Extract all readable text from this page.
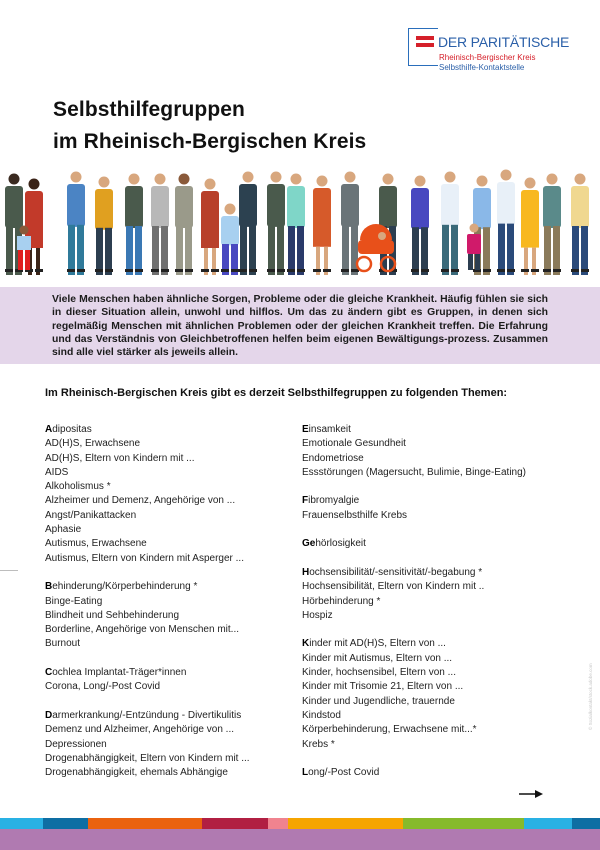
DER PARITÄTISCHE
Rheinisch-Bergischer Kreis
Selbsthilfe-Kontaktstelle
Selbsthilfegruppen
im Rheinisch-Bergischen Kreis

Viele Menschen haben ähnliche Sorgen, Probleme oder die gleiche Krankheit. Häufig fühlen sie sich in dieser Situation allein, unwohl und hilflos. Um das zu ändern gibt es Gruppen, in denen sich regelmäßig Menschen mit ähnlichen Problemen oder der gleichen Krankheit treffen. Die Erfahrung und das Verständnis von Gleichbetroffenen helfen beim eigenen Bewältigungs-prozess. Zusammen sind alle viel stärker als jeweils allein.

Im Rheinisch-Bergischen Kreis gibt es derzeit Selbsthilfegruppen zu folgenden Themen:
Adipositas
AD(H)S, Erwachsene
AD(H)S, Eltern von Kindern mit ...
AIDS
Alkoholismus *
Alzheimer und Demenz, Angehörige von ...
Angst/Panikattacken
Aphasie
Autismus, Erwachsene
Autismus, Eltern von Kindern mit Asperger ...
Behinderung/Körperbehinderung *
Binge-Eating
Blindheit und Sehbehinderung
Borderline, Angehörige von Menschen mit...
Burnout
Cochlea Implantat-Träger*innen
Corona, Long/-Post Covid
Darmerkrankung/-Entzündung - Divertikulitis
Demenz und Alzheimer, Angehörige von ...
Depressionen
Drogenabhängigkeit, Eltern von Kindern mit ...
Drogenabhängigkeit, ehemals Abhängige
Einsamkeit
Emotionale Gesundheit
Endometriose
Essstörungen (Magersucht, Bulimie, Binge-Eating)
Fibromyalgie
Frauenselbsthilfe Krebs
Gehörlosigkeit
Hochsensibilität/-sensitivität/-begabung *
Hochsensibilität, Eltern von Kindern mit ..
Hörbehinderung *
Hospiz
Kinder mit AD(H)S, Eltern von ...
Kinder mit Autismus, Eltern von ...
Kinder, hochsensibel, Eltern von ...
Kinder mit Trisomie 21, Eltern von ...
Kinder und Jugendliche, trauernde
Kindstod
Körperbehinderung, Erwachsene mit...*
Krebs *
Long/-Post Covid
© Sozialkontakt/stock.adobe.com
